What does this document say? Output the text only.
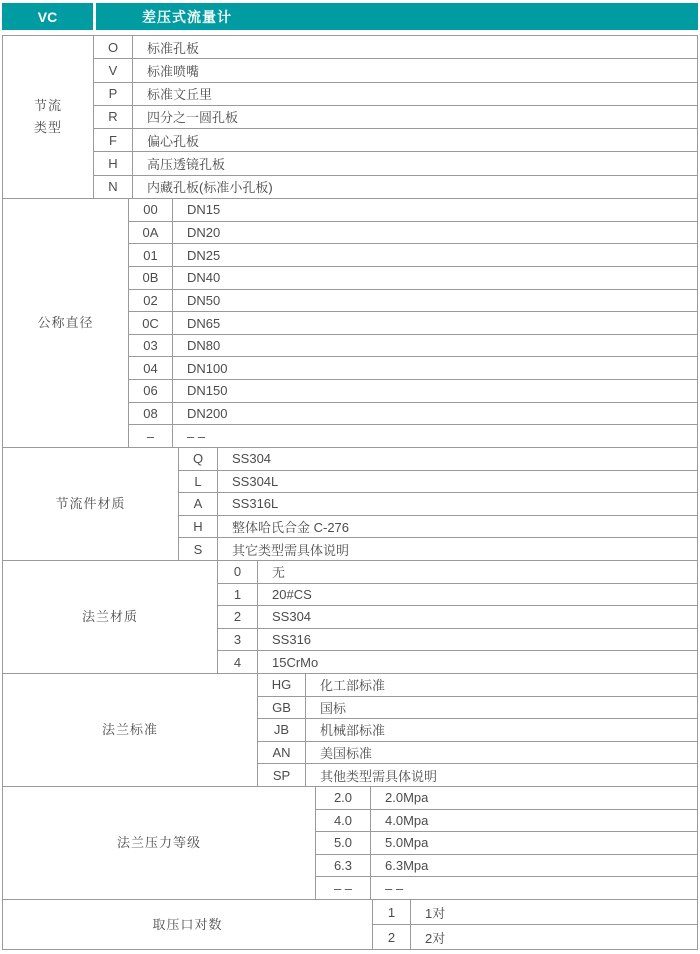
VC	差压式流量计
节流
类型
O	标准孔板
V	标准喷嘴
P	标准文丘里
R	四分之一圆孔板
F	偏心孔板
H	高压透镜孔板
N	内藏孔板(标准小孔板)
公称直径
00	DN15
0A	DN20
01	DN25
0B	DN40
02	DN50
0C	DN65
03	DN80
04	DN100
06	DN150
08	DN200
–	– –
节流件材质
Q	SS304
L	SS304L
A	SS316L
H	整体哈氏合金 C-276
S	其它类型需具体说明
法兰材质
0	无
1	20#CS
2	SS304
3	SS316
4	15CrMo
法兰标准
HG	化工部标准
GB	国标
JB	机械部标准
AN	美国标准
SP	其他类型需具体说明
法兰压力等级
2.0	2.0Mpa
4.0	4.0Mpa
5.0	5.0Mpa
6.3	6.3Mpa
– –	– –
取压口对数
1	1对
2	2对
